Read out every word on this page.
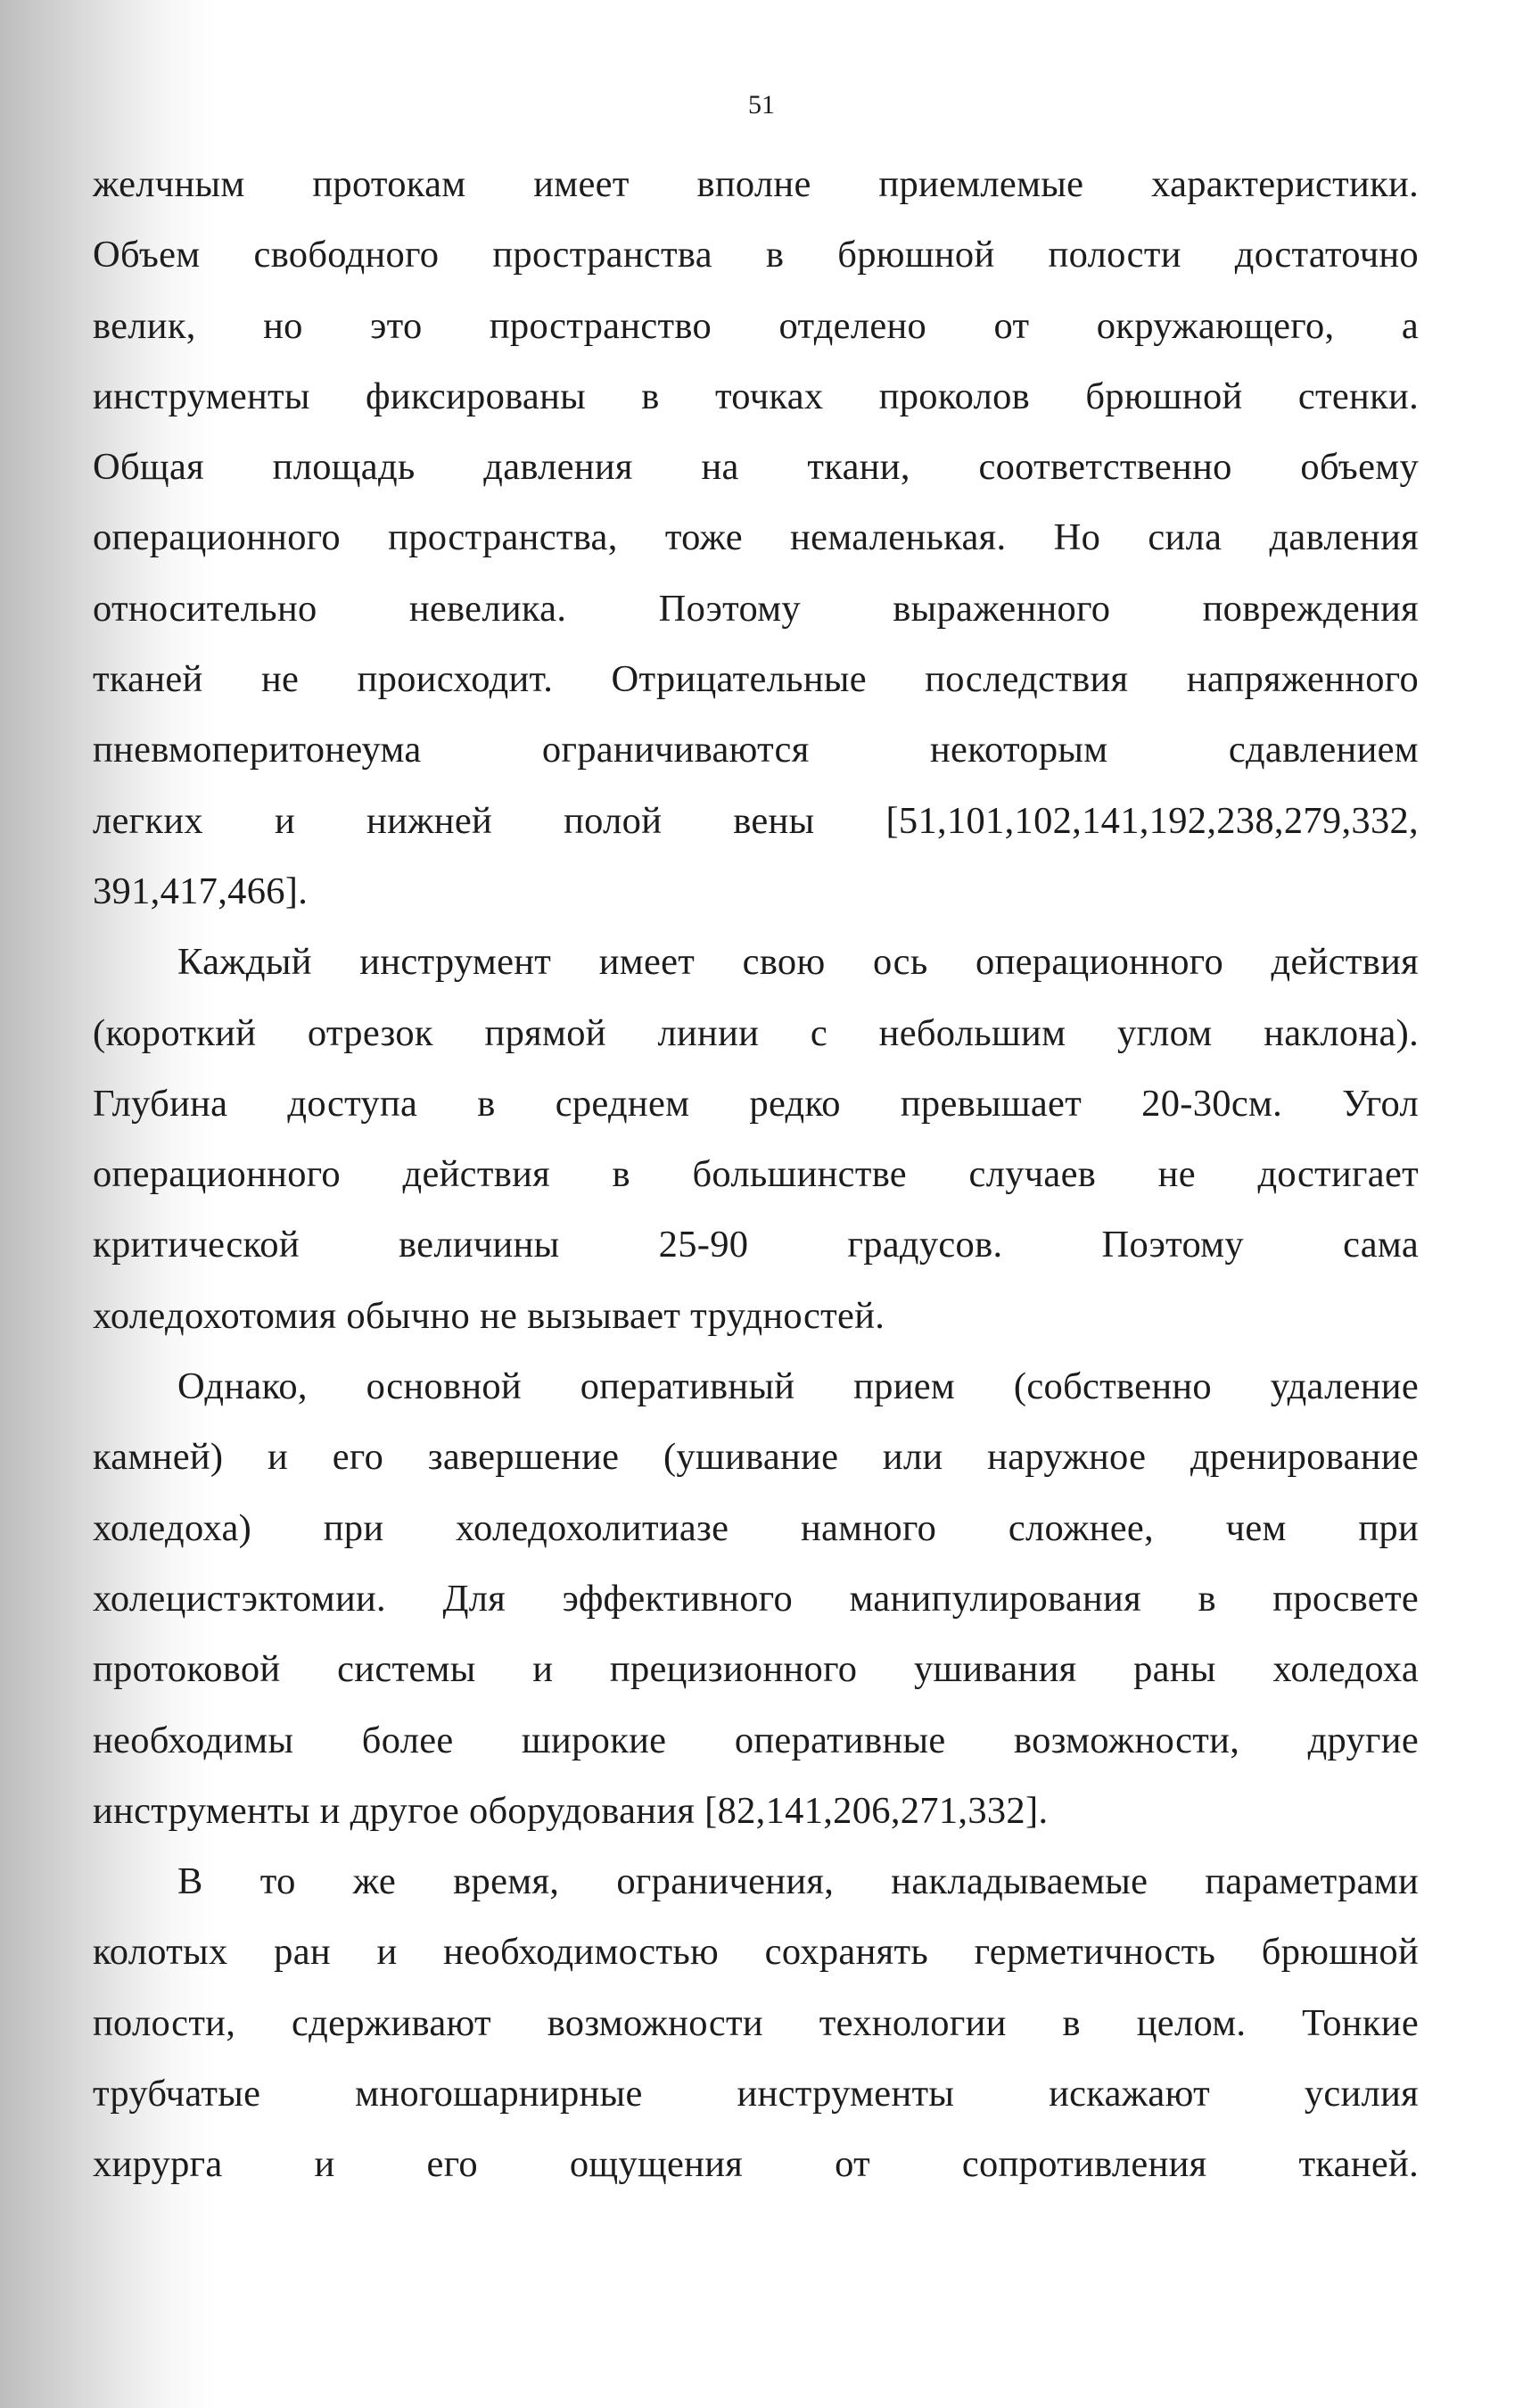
51
желчным протокам имеет вполне приемлемые характеристики.
Объем свободного пространства в брюшной полости достаточно
велик, но это пространство отделено от окружающего, а
инструменты фиксированы в точках проколов брюшной стенки.
Общая площадь давления на ткани, соответственно объему
операционного пространства, тоже немаленькая. Но сила давления
относительно невелика. Поэтому выраженного повреждения
тканей не происходит. Отрицательные последствия напряженного
пневмоперитонеума ограничиваются некоторым сдавлением
легких и нижней полой вены [51,101,102,141,192,238,279,332,
391,417,466].
Каждый инструмент имеет свою ось операционного действия
(короткий отрезок прямой линии с небольшим углом наклона).
Глубина доступа в среднем редко превышает 20-30см. Угол
операционного действия в большинстве случаев не достигает
критической величины 25-90 градусов. Поэтому сама
холедохотомия обычно не вызывает трудностей.
Однако, основной оперативный прием (собственно удаление
камней) и его завершение (ушивание или наружное дренирование
холедоха) при холедохолитиазе намного сложнее, чем при
холецистэктомии. Для эффективного манипулирования в просвете
протоковой системы и прецизионного ушивания раны холедоха
необходимы более широкие оперативные возможности, другие
инструменты и другое оборудования [82,141,206,271,332].
В то же время, ограничения, накладываемые параметрами
колотых ран и необходимостью сохранять герметичность брюшной
полости, сдерживают возможности технологии в целом. Тонкие
трубчатые многошарнирные инструменты искажают усилия
хирурга и его ощущения от сопротивления тканей.
